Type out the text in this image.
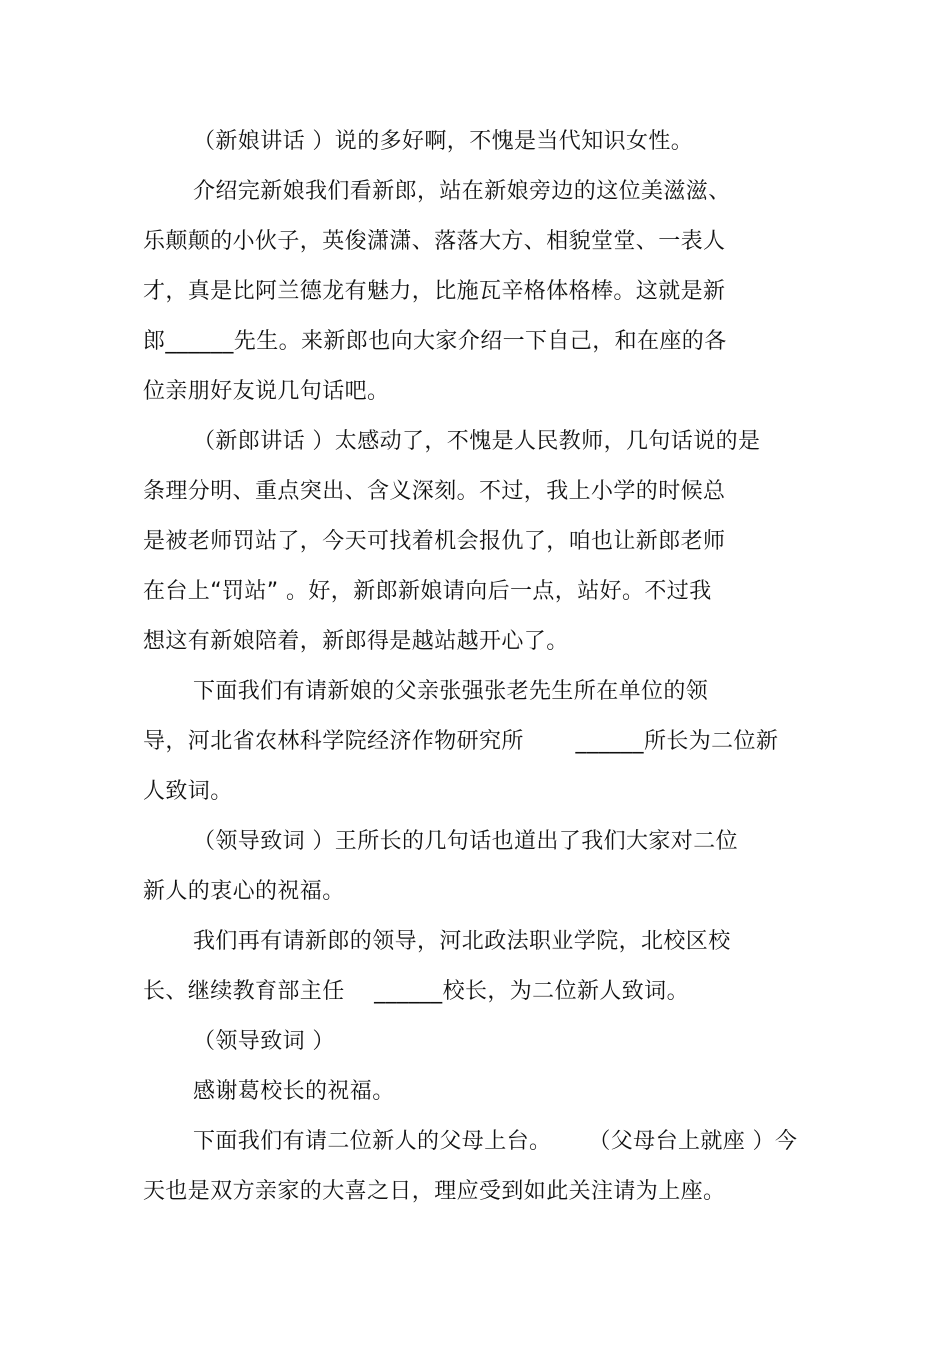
（新娘讲话 ）说的多好啊，不愧是当代知识女性。
介绍完新娘我们看新郎，站在新娘旁边的这位美滋滋、
乐颠颠的小伙子，英俊潇潇、落落大方、相貌堂堂、一表人
才，真是比阿兰德龙有魅力，比施瓦辛格体格棒。这就是新
郎______先生。来新郎也向大家介绍一下自己，和在座的各
位亲朋好友说几句话吧。
（新郎讲话 ）太感动了，不愧是人民教师，几句话说的是
条理分明、重点突出、含义深刻。不过，我上小学的时候总
是被老师罚站了，今天可找着机会报仇了，咱也让新郎老师
在台上“罚站” 。好，新郎新娘请向后一点，站好。不过我
想这有新娘陪着，新郎得是越站越开心了。
下面我们有请新娘的父亲张强张老先生所在单位的领
导，河北省农林科学院经济作物研究所       ______所长为二位新
人致词。
（领导致词 ）王所长的几句话也道出了我们大家对二位
新人的衷心的祝福。
我们再有请新郎的领导，河北政法职业学院，北校区校
长、继续教育部主任    ______校长，为二位新人致词。
（领导致词 ）
感谢葛校长的祝福。
下面我们有请二位新人的父母上台。     （父母台上就座 ）今
天也是双方亲家的大喜之日，理应受到如此关注请为上座。
